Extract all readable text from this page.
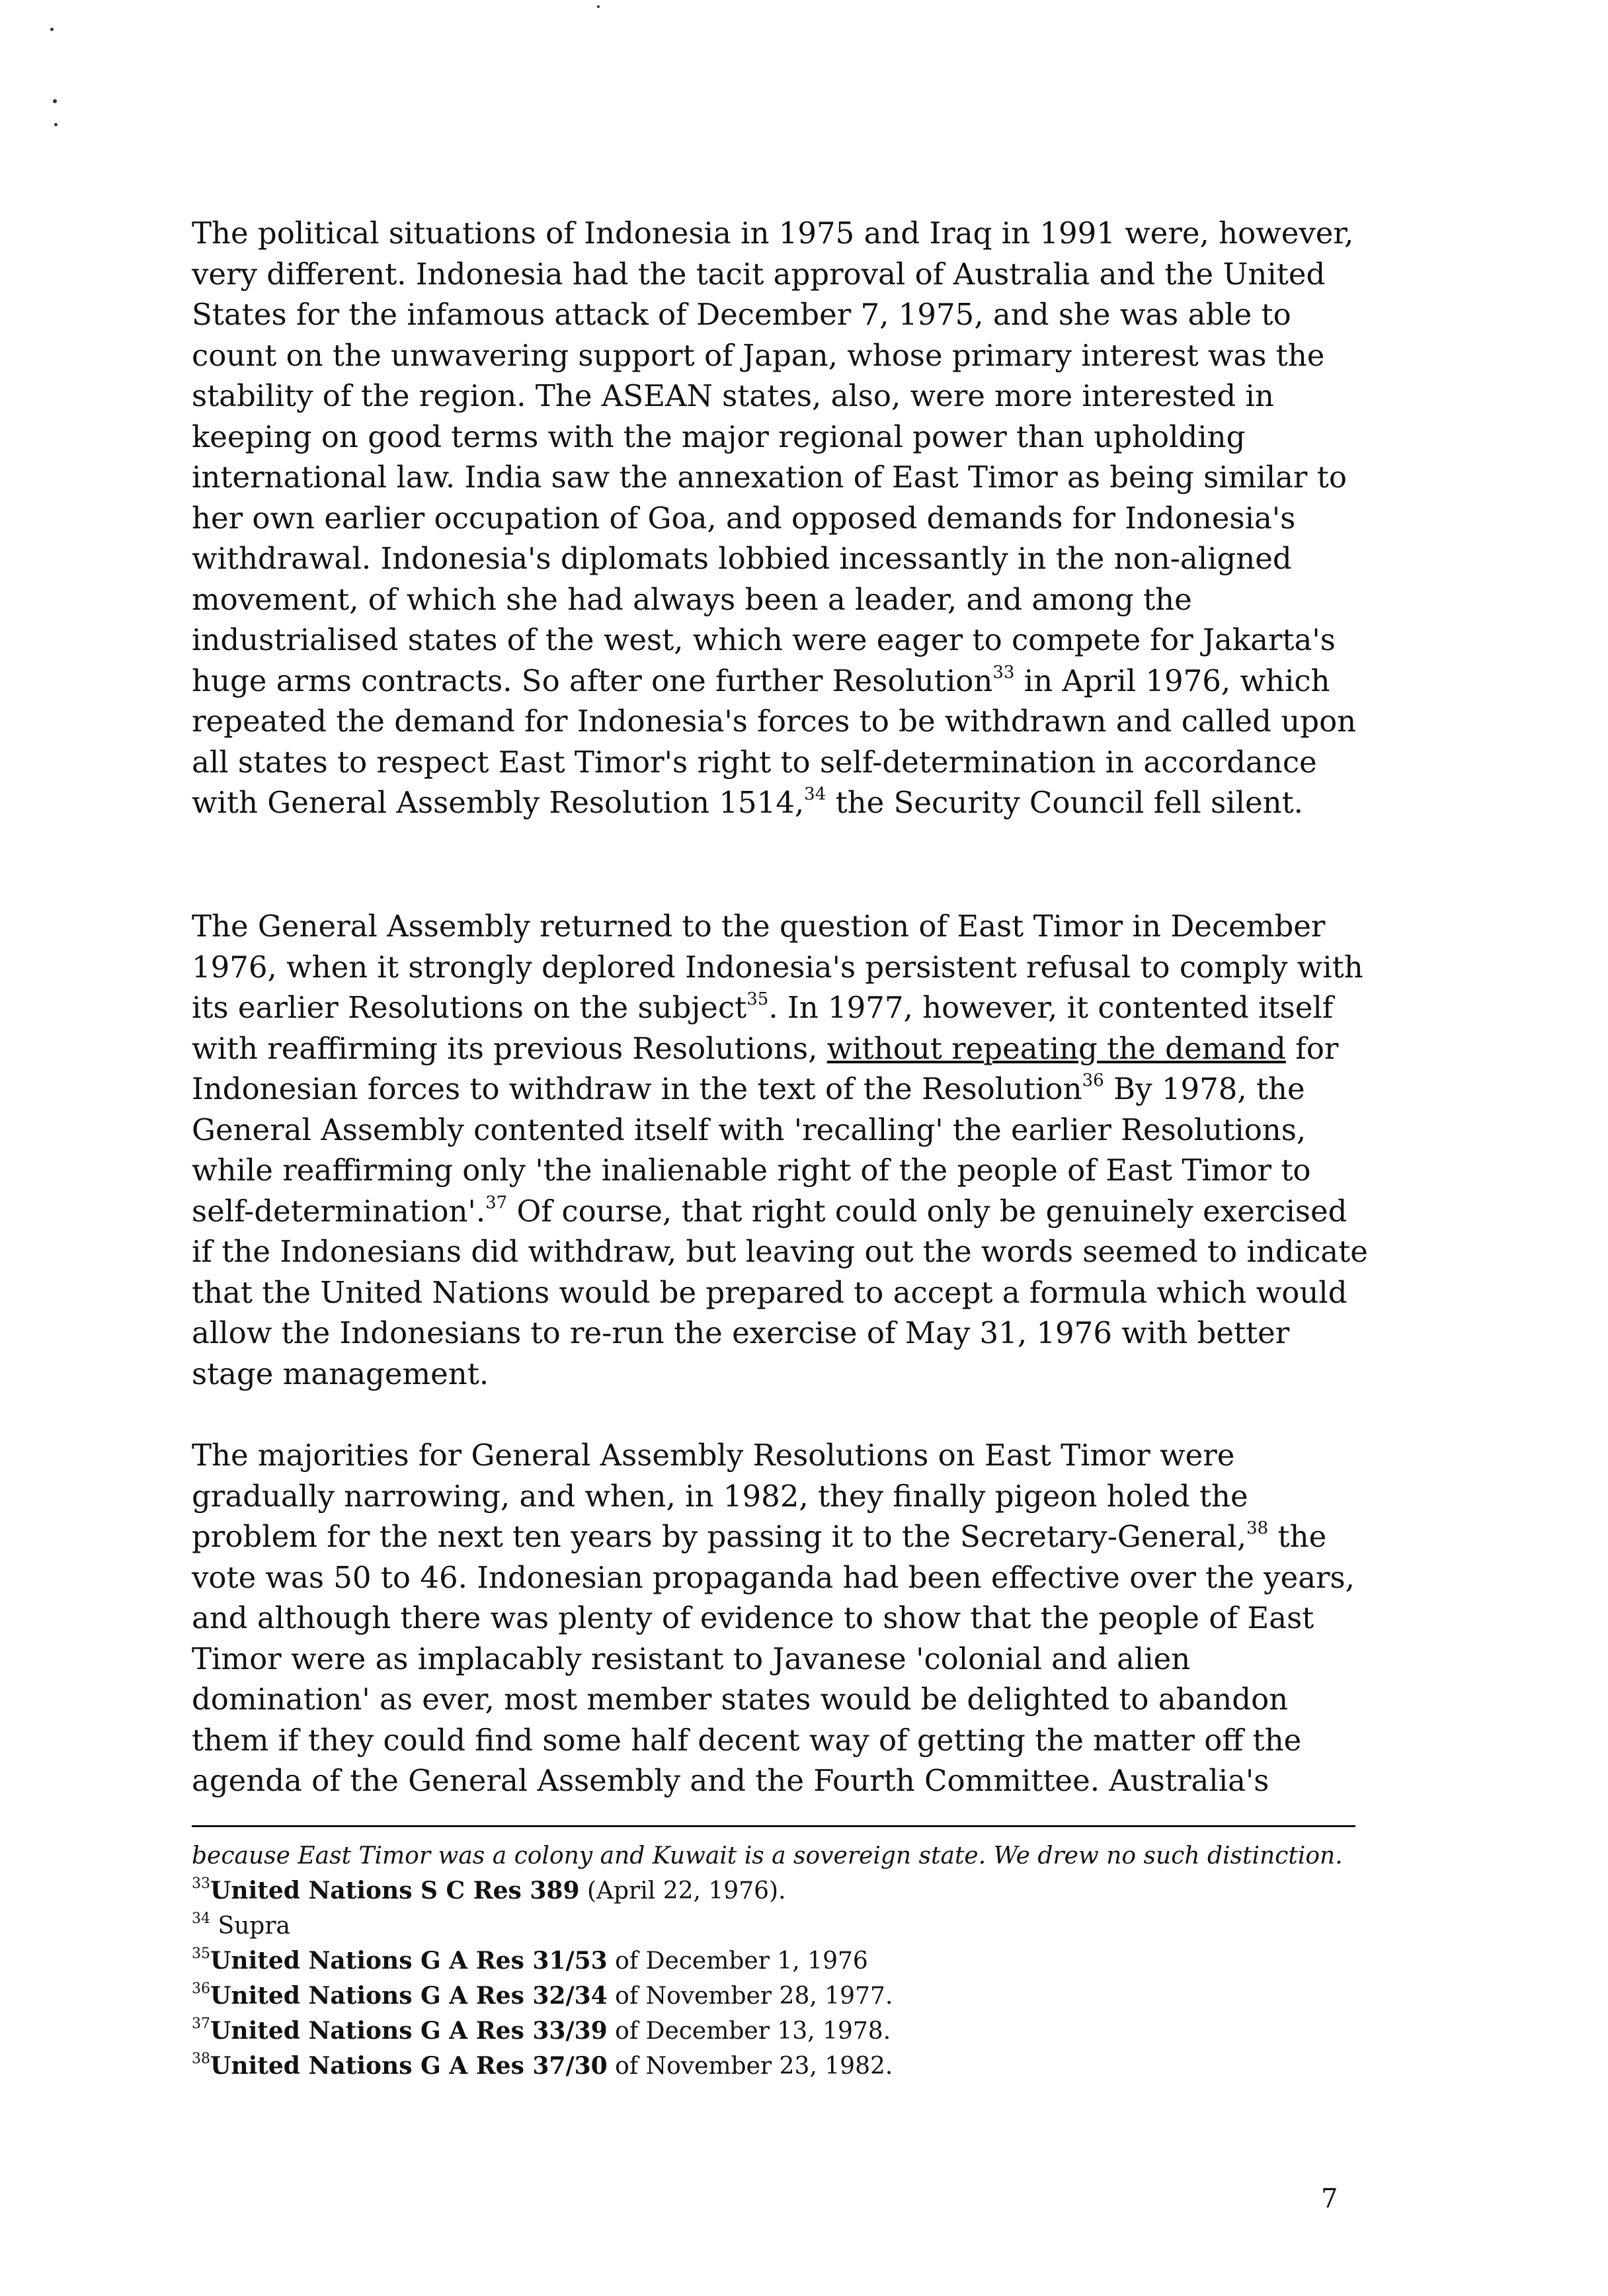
The political situations of Indonesia in 1975 and Iraq in 1991 were, however, very different. Indonesia had the tacit approval of Australia and the United States for the infamous attack of December 7, 1975, and she was able to count on the unwavering support of Japan, whose primary interest was the stability of the region. The ASEAN states, also, were more interested in keeping on good terms with the major regional power than upholding international law. India saw the annexation of East Timor as being similar to her own earlier occupation of Goa, and opposed demands for Indonesia's withdrawal. Indonesia's diplomats lobbied incessantly in the non-aligned movement, of which she had always been a leader, and among the industrialised states of the west, which were eager to compete for Jakarta's huge arms contracts. So after one further Resolution$^{33}$ in April 1976, which repeated the demand for Indonesia's forces to be withdrawn and called upon all states to respect East Timor's right to self-determination in accordance with General Assembly Resolution 1514,34 the Security Council fell silent.

The General Assembly returned to the question of East Timor in December 1976, when it strongly deplored Indonesia's persistent refusal to comply with its earlier Resolutions on the subject$^{35}$. In 1977, however, it contented itself with reaffirming its previous Resolutions, without repeating the demand for Indonesian forces to withdraw in the text of the Resolution$^{36}$ By 1978, the General Assembly contented itself with 'recalling' the earlier Resolutions, while reaffirming only 'the inalienable right of the people of East Timor to self-determination'.$^{37}$ Of course, that right could only be genuinely exercised if the Indonesians did withdraw, but leaving out the words seemed to indicate that the United Nations would be prepared to accept a formula which would allow the Indonesians to re-run the exercise of May 31, 1976 with better stage management.

The majorities for General Assembly Resolutions on East Timor were gradually narrowing, and when, in 1982, they finally pigeon holed the problem for the next ten years by passing it to the Secretary-General,$^{38}$ the vote was 50 to 46. Indonesian propaganda had been effective over the years, and although there was plenty of evidence to show that the people of East Timor were as implacably resistant to Javanese 'colonial and alien domination' as ever, most member states would be delighted to abandon them if they could find some half decent way of getting the matter off the agenda of the General Assembly and the Fourth Committee. Australia's

because East Timor was a colony and Kuwait is a sovereign state. We drew no such distinction.

$^{33}$United Nations S C Res 389 (April 22, 1976).

$^{34}$ Supra

$^{35}$United Nations G A Res 31/53 of December 1, 1976

$^{36}$United Nations G A Res 32/34 of November 28, 1977.

$^{37}$United Nations G A Res 33/39 of December 13, 1978.

$^{38}$United Nations G A Res 37/30 of November 23, 1982.

7
